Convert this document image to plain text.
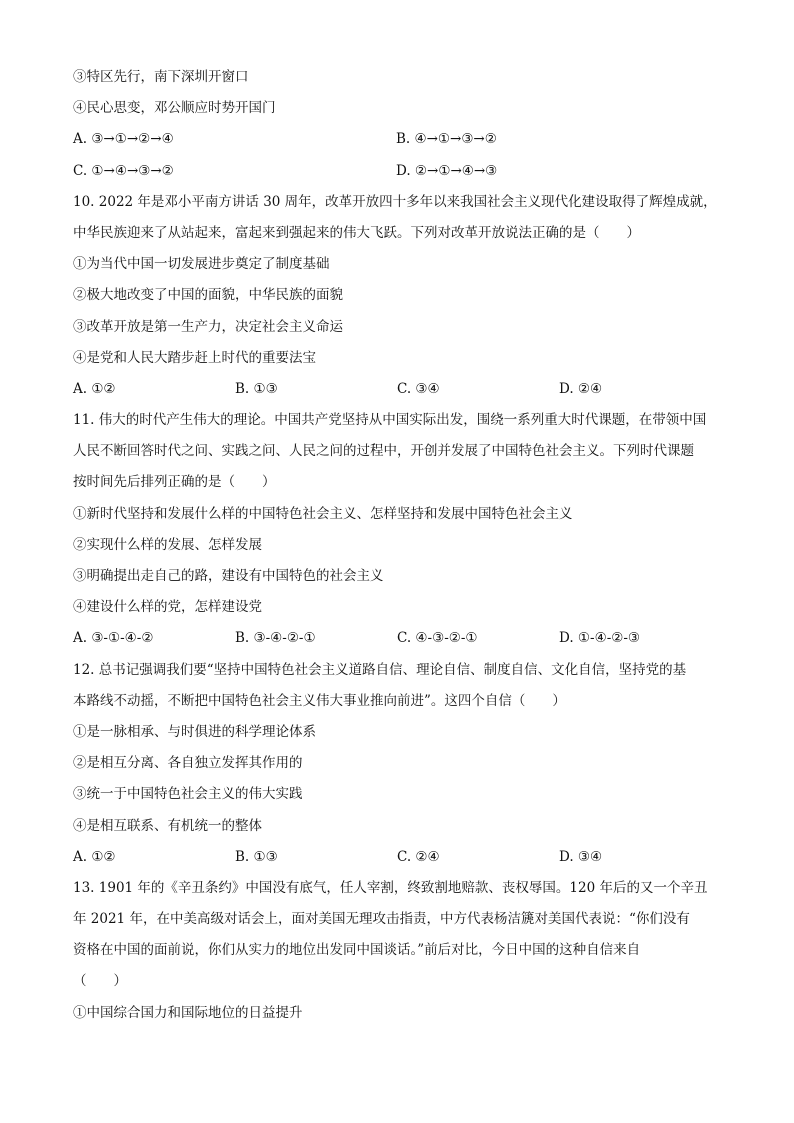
③特区先行，南下深圳开窗口
④民心思变，邓公顺应时势开国门
A. ③→①→②→④	B. ④→①→③→②
C. ①→④→③→②	D. ②→①→④→③
10. 2022 年是邓小平南方讲话 30 周年，改革开放四十多年以来我国社会主义现代化建设取得了辉煌成就，
中华民族迎来了从站起来，富起来到强起来的伟大飞跃。下列对改革开放说法正确的是（　　）
①为当代中国一切发展进步奠定了制度基础
②极大地改变了中国的面貌，中华民族的面貌
③改革开放是第一生产力，决定社会主义命运
④是党和人民大踏步赶上时代的重要法宝
A. ①②	B. ①③	C. ③④	D. ②④
11. 伟大的时代产生伟大的理论。中国共产党坚持从中国实际出发，围绕一系列重大时代课题，在带领中国
人民不断回答时代之问、实践之问、人民之问的过程中，开创并发展了中国特色社会主义。下列时代课题
按时间先后排列正确的是（　　）
①新时代坚持和发展什么样的中国特色社会主义、怎样坚持和发展中国特色社会主义
②实现什么样的发展、怎样发展
③明确提出走自己的路，建设有中国特色的社会主义
④建设什么样的党，怎样建设党
A. ③-①-④-②	B. ③-④-②-①	C. ④-③-②-①	D. ①-④-②-③
12. 总书记强调我们要“坚持中国特色社会主义道路自信、理论自信、制度自信、文化自信，坚持党的基
本路线不动摇，不断把中国特色社会主义伟大事业推向前进”。这四个自信（　　）
①是一脉相承、与时俱进的科学理论体系
②是相互分离、各自独立发挥其作用的
③统一于中国特色社会主义的伟大实践
④是相互联系、有机统一的整体
A. ①②	B. ①③	C. ②④	D. ③④
13. 1901 年的《辛丑条约》中国没有底气，任人宰割，终致割地赔款、丧权辱国。120 年后的又一个辛丑
年 2021 年，在中美高级对话会上，面对美国无理攻击指责，中方代表杨洁篪对美国代表说：“你们没有
资格在中国的面前说，你们从实力的地位出发同中国谈话。”前后对比，今日中国的这种自信来自
（　　）
①中国综合国力和国际地位的日益提升
